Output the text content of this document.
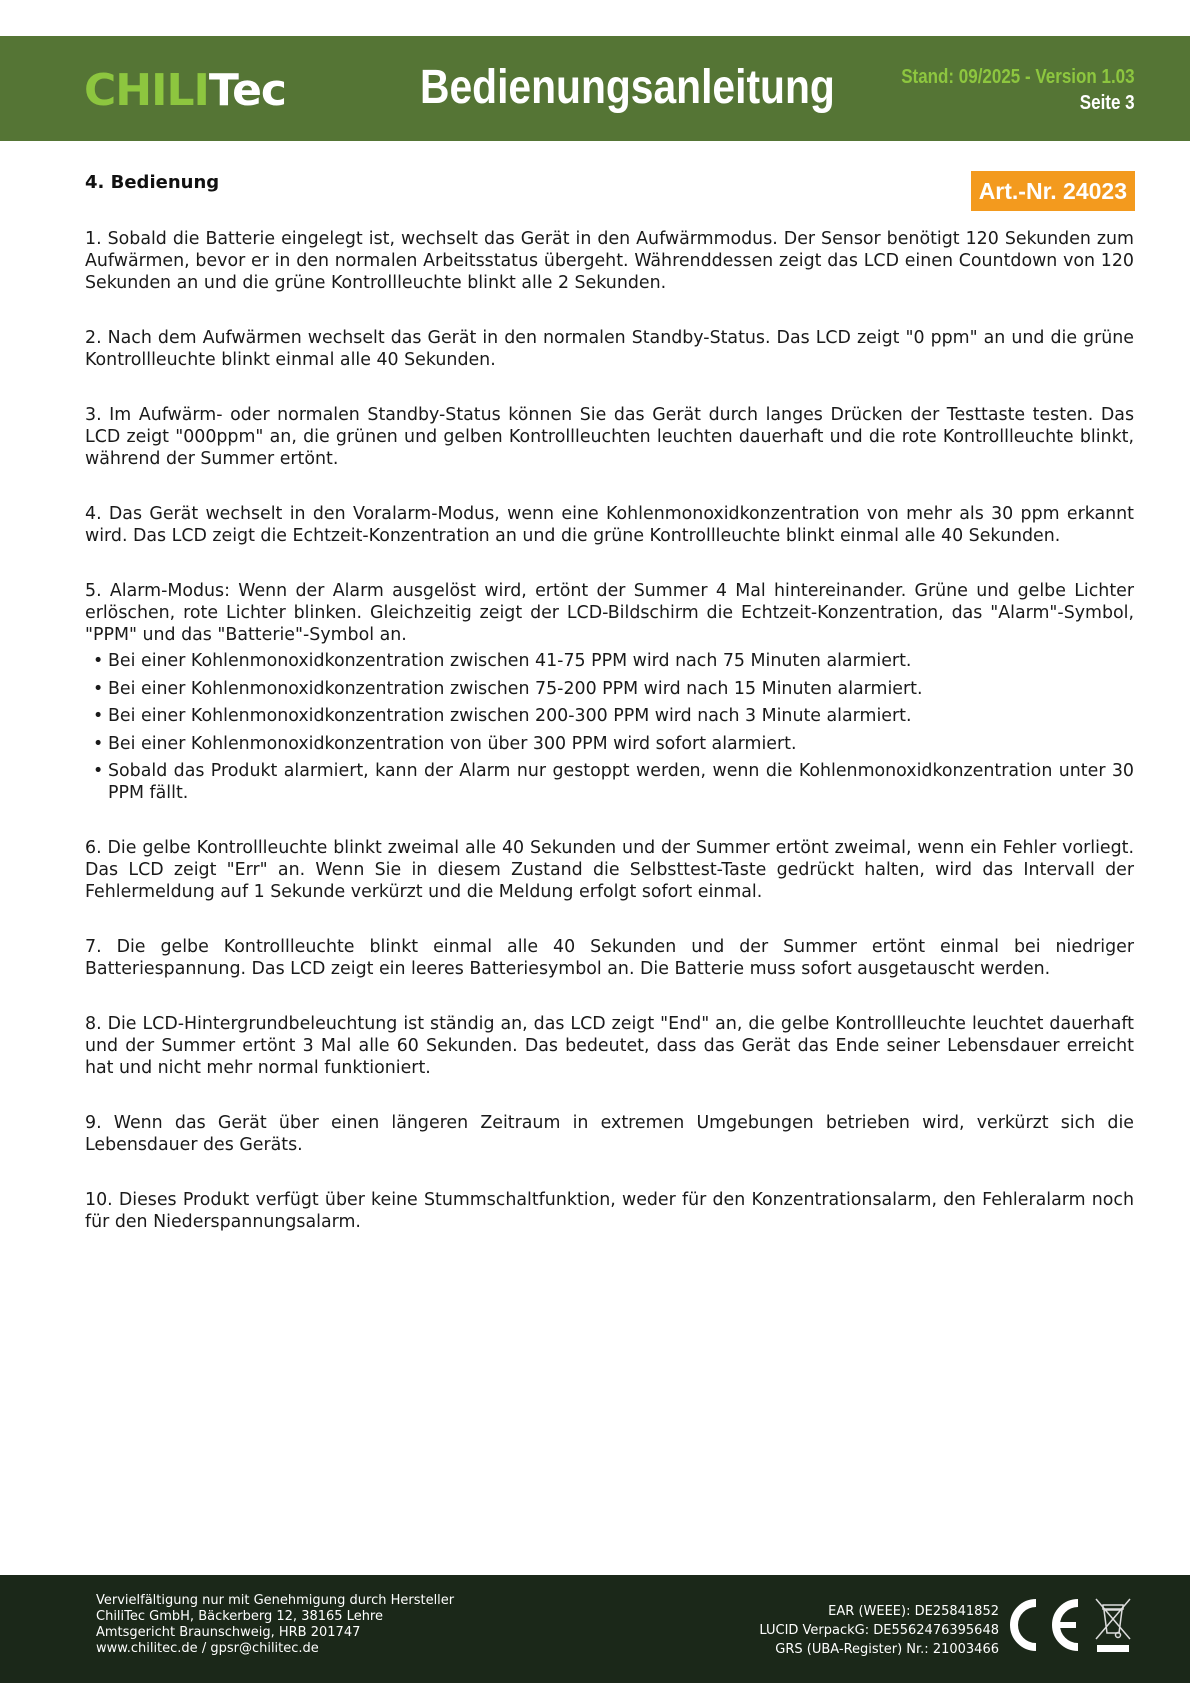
CHILI Tec	Bedienungsanleitung	Stand: 09/2025 - Version 1.03
Seite 3
4. Bedienung	Art.-Nr. 24023

1. Sobald die Batterie eingelegt ist, wechselt das Gerät in den Aufwärmmodus. Der Sensor benötigt 120 Sekunden zum Aufwärmen, bevor er in den normalen Arbeitsstatus übergeht. Währenddessen zeigt das LCD einen Countdown von 120 Sekunden an und die grüne Kontrollleuchte blinkt alle 2 Sekunden.

2. Nach dem Aufwärmen wechselt das Gerät in den normalen Standby-Status. Das LCD zeigt "0 ppm" an und die grüne Kontrollleuchte blinkt einmal alle 40 Sekunden.

3. Im Aufwärm- oder normalen Standby-Status können Sie das Gerät durch langes Drücken der Testtaste testen. Das LCD zeigt "000ppm" an, die grünen und gelben Kontrollleuchten leuchten dauerhaft und die rote Kontrollleuchte blinkt, während der Summer ertönt.

4. Das Gerät wechselt in den Voralarm-Modus, wenn eine Kohlenmonoxidkonzentration von mehr als 30 ppm erkannt wird. Das LCD zeigt die Echtzeit-Konzentration an und die grüne Kontrollleuchte blinkt einmal alle 40 Sekunden.

5. Alarm-Modus: Wenn der Alarm ausgelöst wird, ertönt der Summer 4 Mal hintereinander. Grüne und gelbe Lichter erlöschen, rote Lichter blinken. Gleichzeitig zeigt der LCD-Bildschirm die Echtzeit-Konzentration, das "Alarm"-Symbol, "PPM" und das "Batterie"-Symbol an.
• Bei einer Kohlenmonoxidkonzentration zwischen 41-75 PPM wird nach 75 Minuten alarmiert.
• Bei einer Kohlenmonoxidkonzentration zwischen 75-200 PPM wird nach 15 Minuten alarmiert.
• Bei einer Kohlenmonoxidkonzentration zwischen 200-300 PPM wird nach 3 Minute alarmiert.
• Bei einer Kohlenmonoxidkonzentration von über 300 PPM wird sofort alarmiert.
• Sobald das Produkt alarmiert, kann der Alarm nur gestoppt werden, wenn die Kohlenmonoxidkonzentration unter 30 PPM fällt.

6. Die gelbe Kontrollleuchte blinkt zweimal alle 40 Sekunden und der Summer ertönt zweimal, wenn ein Fehler vorliegt. Das LCD zeigt "Err" an. Wenn Sie in diesem Zustand die Selbsttest-Taste gedrückt halten, wird das Intervall der Fehlermeldung auf 1 Sekunde verkürzt und die Meldung erfolgt sofort einmal.

7. Die gelbe Kontrollleuchte blinkt einmal alle 40 Sekunden und der Summer ertönt einmal bei niedriger Batteriespannung. Das LCD zeigt ein leeres Batteriesymbol an. Die Batterie muss sofort ausgetauscht werden.

8. Die LCD-Hintergrundbeleuchtung ist ständig an, das LCD zeigt "End" an, die gelbe Kontrollleuchte leuchtet dauerhaft und der Summer ertönt 3 Mal alle 60 Sekunden. Das bedeutet, dass das Gerät das Ende seiner Lebensdauer erreicht hat und nicht mehr normal funktioniert.

9. Wenn das Gerät über einen längeren Zeitraum in extremen Umgebungen betrieben wird, verkürzt sich die Lebensdauer des Geräts.

10. Dieses Produkt verfügt über keine Stummschaltfunktion, weder für den Konzentrationsalarm, den Fehleralarm noch für den Niederspannungsalarm.

Vervielfältigung nur mit Genehmigung durch Hersteller
ChiliTec GmbH, Bäckerberg 12, 38165 Lehre
Amtsgericht Braunschweig, HRB 201747
www.chilitec.de / gpsr@chilitec.de
EAR (WEEE): DE25841852
LUCID VerpackG: DE5562476395648
GRS (UBA-Register) Nr.: 21003466
